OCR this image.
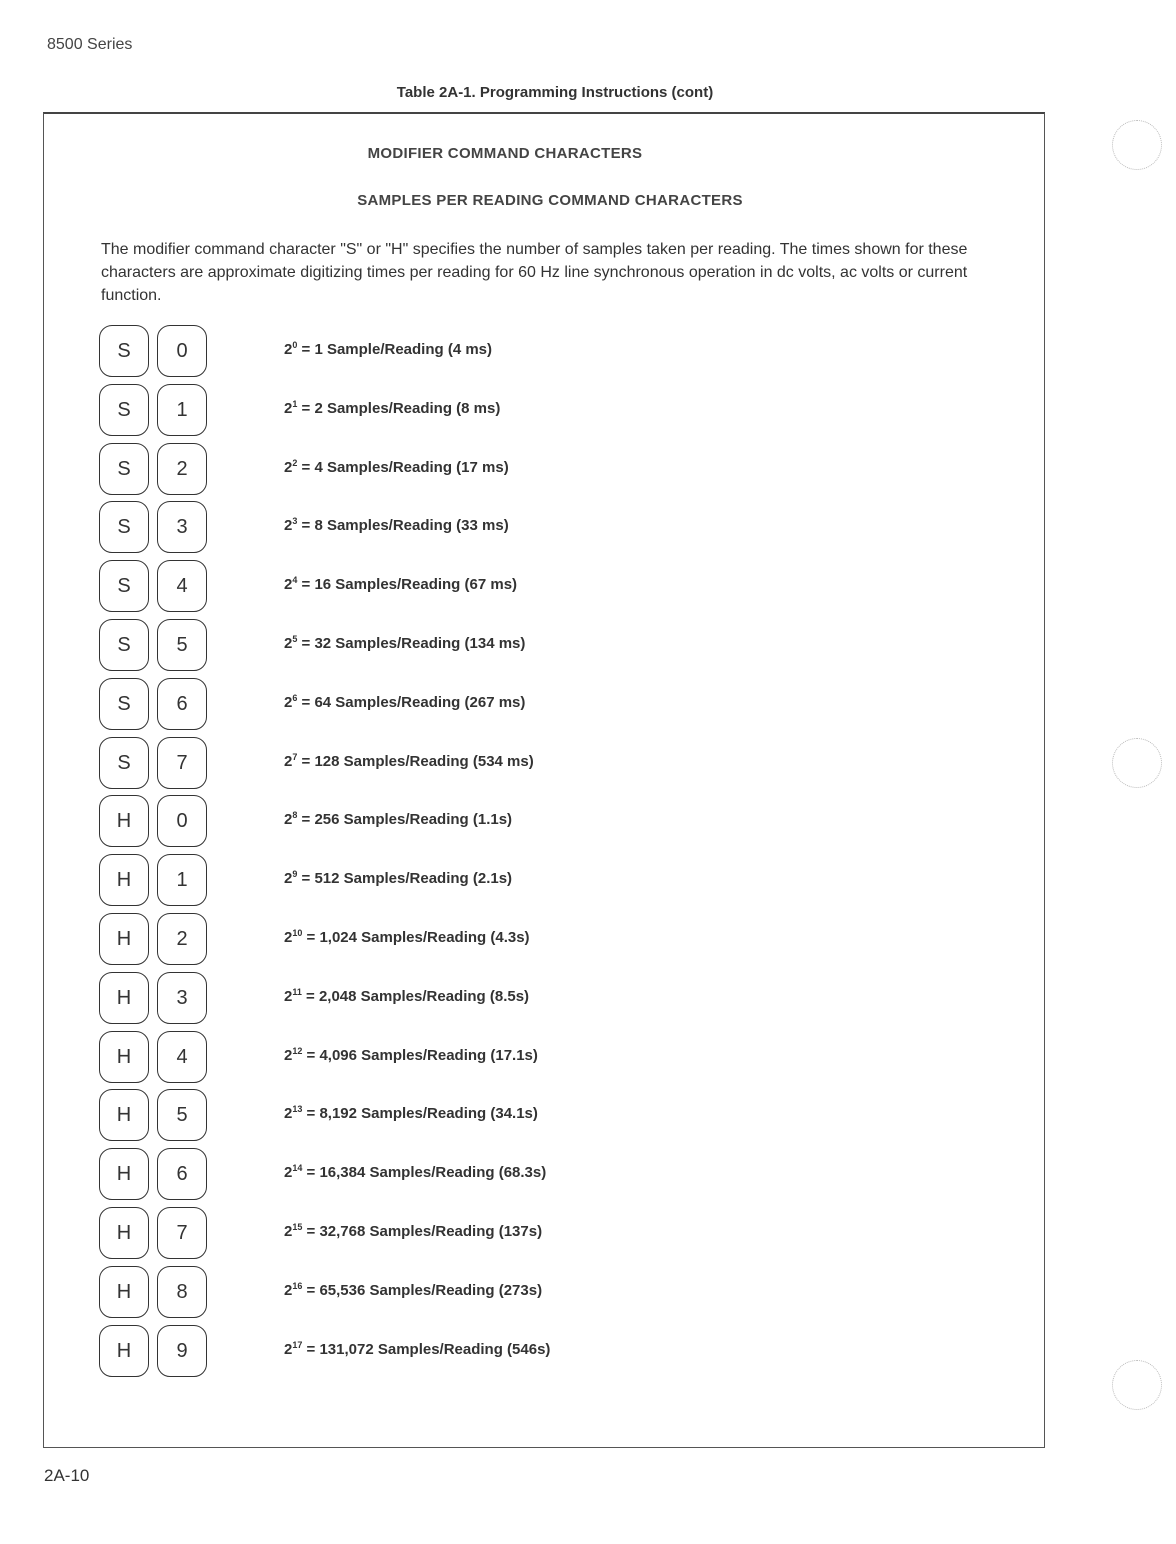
8500 Series
Table 2A-1. Programming Instructions (cont)
MODIFIER COMMAND CHARACTERS
SAMPLES PER READING COMMAND CHARACTERS
The modifier command character "S" or "H" specifies the number of samples taken per reading. The times shown for these characters are approximate digitizing times per reading for 60 Hz line synchronous operation in dc volts, ac volts or current function.
S	0	$2^0 = 1$ Sample/Reading (4 ms)
S	1	$2^1 = 2$ Samples/Reading (8 ms)
S	2	$2^2 = 4$ Samples/Reading (17 ms)
S	3	$2^3 = 8$ Samples/Reading (33 ms)
S	4	$2^4 = 16$ Samples/Reading (67 ms)
S	5	$2^5 = 32$ Samples/Reading (134 ms)
S	6	$2^6 = 64$ Samples/Reading (267 ms)
S	7	$2^7 = 128$ Samples/Reading (534 ms)
H	0	$2^8 = 256$ Samples/Reading (1.1s)
H	1	$2^9 = 512$ Samples/Reading (2.1s)
H	2	$2^{10} = 1,024$ Samples/Reading (4.3s)
H	3	$2^{11} = 2,048$ Samples/Reading (8.5s)
H	4	$2^{12} = 4,096$ Samples/Reading (17.1s)
H	5	$2^{13} = 8,192$ Samples/Reading (34.1s)
H	6	$2^{14} = 16,384$ Samples/Reading (68.3s)
H	7	$2^{15} = 32,768$ Samples/Reading (137s)
H	8	$2^{16} = 65,536$ Samples/Reading (273s)
H	9	$2^{17} = 131,072$ Samples/Reading (546s)
2A-10
